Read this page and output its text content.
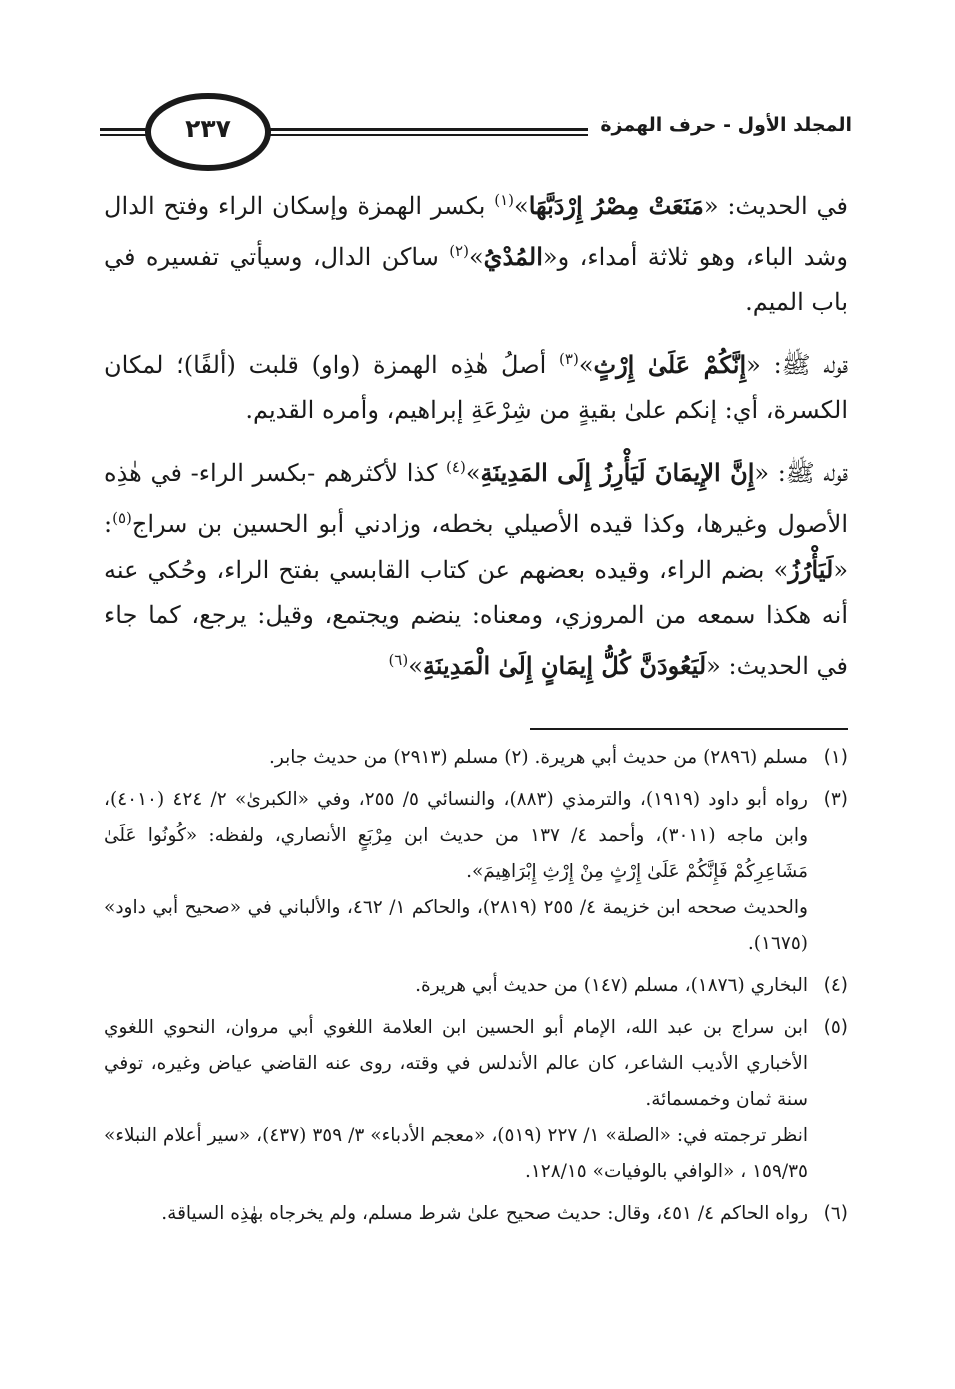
المجلد الأول - حرف الهمزة
٢٣٧

في الحديث: «مَنَعَتْ مِصْرُ إِرْدَبَّهَا»$^{(١)}$ بكسر الهمزة وإسكان الراء وفتح الدال وشد الباء، وهو ثلاثة أمداء، و«المُدْيُ»$^{(٢)}$ ساكن الدال، وسيأتي تفسيره في باب الميم.

قوله ﷺ: «إِنَّكُمْ عَلَىٰ إِرْثٍ»$^{(٣)}$ أصلُ هٰذِه الهمزة (واو) قلبت (ألفًا)؛ لمكان الكسرة، أي: إنكم علىٰ بقيةٍ من شِرْعَةِ إبراهيم، وأمره القديم.

قوله ﷺ: «إِنَّ الإِيمَانَ لَيَأْرِزُ إِلَى المَدِينَةِ»$^{(٤)}$ كذا لأكثرهم -بكسر الراء- في هٰذِه الأصول وغيرها، وكذا قيده الأصيلي بخطه، وزادني أبو الحسين بن سراج$^{(٥)}$: «لَيَأْرُزُ» بضم الراء، وقيده بعضهم عن كتاب القابسي بفتح الراء، وحُكي عنه أنه هكذا سمعه من المروزي، ومعناه: ينضم ويجتمع، وقيل: يرجع، كما جاء في الحديث: «لَيَعُودَنَّ كُلُّ إِيمَانٍ إِلَىٰ الْمَدِينَةِ»$^{(٦)}$

(١)

مسلم (٢٨٩٦) من حديث أبي هريرة. (٢) مسلم (٢٩١٣) من حديث جابر.

(٣)

رواه أبو داود (١٩١٩)، والترمذي (٨٨٣)، والنسائي ٥/ ٢٥٥، وفي «الكبرىٰ» ٢/ ٤٢٤ (٤٠١٠)، وابن ماجه (٣٠١١)، وأحمد ٤/ ١٣٧ من حديث ابن مِرْبَعٍ الأنصاري، ولفظه: «كُونُوا عَلَىٰ مَشَاعِرِكُمْ فَإِنَّكُمْ عَلَىٰ إِرْثٍ مِنْ إِرْثِ إِبْرَاهِيمَ».

والحديث صححه ابن خزيمة ٤/ ٢٥٥ (٢٨١٩)، والحاكم ١/ ٤٦٢، والألباني في «صحيح أبي داود» (١٦٧٥).

(٤)

البخاري (١٨٧٦)، مسلم (١٤٧) من حديث أبي هريرة.

(٥)

ابن سراج بن عبد الله، الإمام أبو الحسين ابن العلامة اللغوي أبي مروان، النحوي اللغوي الأخباري الأديب الشاعر، كان عالم الأندلس في وقته، روى عنه القاضي عياض وغيره، توفي سنة ثمان وخمسمائة.

انظر ترجمته في: «الصلة» ١/ ٢٢٧ (٥١٩)، «معجم الأدباء» ٣/ ٣٥٩ (٤٣٧)، «سير أعلام النبلاء» ١٥٩/٣٥ ، «الوافي بالوفيات» ١٢٨/١٥.

(٦)

رواه الحاكم ٤/ ٤٥١، وقال: حديث صحيح علىٰ شرط مسلم، ولم يخرجاه بهٰذِه السياقة.
